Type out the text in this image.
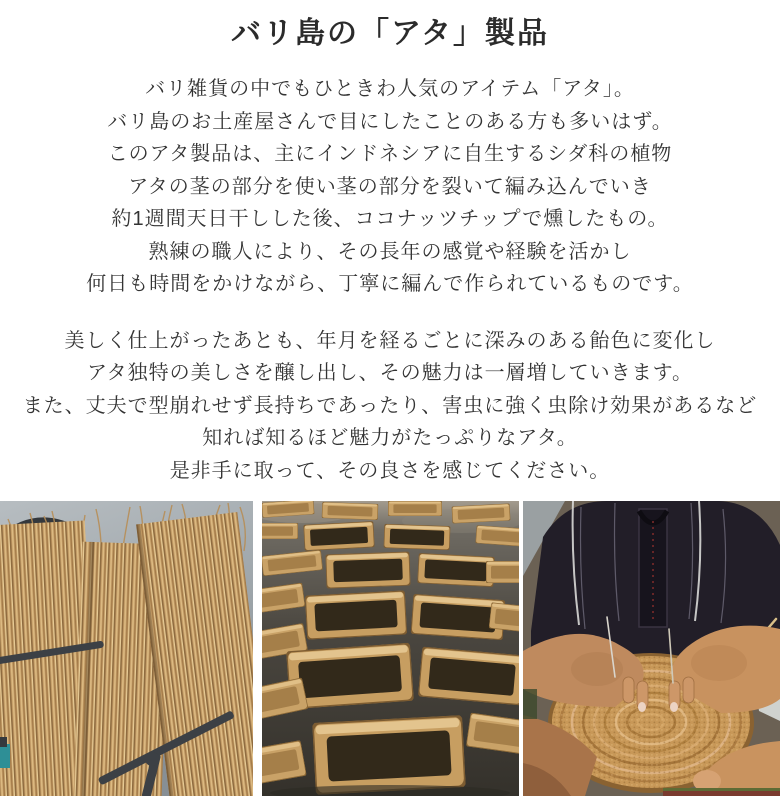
バリ島の「アタ」製品
バリ雑貨の中でもひときわ人気のアイテム「アタ」。
バリ島のお土産屋さんで目にしたことのある方も多いはず。
このアタ製品は、主にインドネシアに自生するシダ科の植物
アタの茎の部分を使い茎の部分を裂いて編み込んでいき
約1週間天日干しした後、ココナッツチップで燻したもの。
熟練の職人により、その長年の感覚や経験を活かし
何日も時間をかけながら、丁寧に編んで作られているものです。
美しく仕上がったあとも、年月を経るごとに深みのある飴色に変化し
アタ独特の美しさを醸し出し、その魅力は一層増していきます。
また、丈夫で型崩れせず長持ちであったり、害虫に強く虫除け効果があるなど
知れば知るほど魅力がたっぷりなアタ。
是非手に取って、その良さを感じてください。
